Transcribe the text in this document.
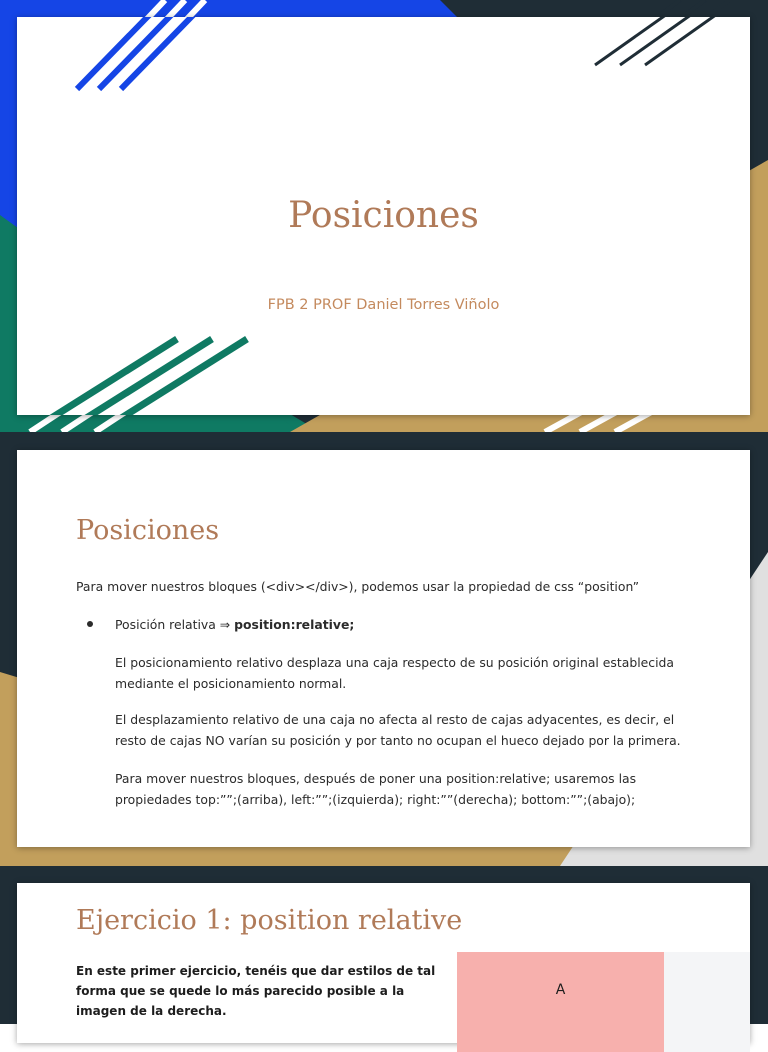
Posiciones
FPB 2 PROF Daniel Torres Viñolo
Posiciones
Para mover nuestros bloques (<div></div>), podemos usar la propiedad de css “position”
Posición relativa ⇒ position:relative;
El posicionamiento relativo desplaza una caja respecto de su posición original establecida mediante el posicionamiento normal.
El desplazamiento relativo de una caja no afecta al resto de cajas adyacentes, es decir, el resto de cajas NO varían su posición y por tanto no ocupan el hueco dejado por la primera.
Para mover nuestros bloques, después de poner una position:relative; usaremos las propiedades top:””;(arriba), left:””;(izquierda); right:””(derecha); bottom:””;(abajo);
Ejercicio 1: position relative
En este primer ejercicio, tenéis que dar estilos de tal forma que se quede lo más parecido posible a la imagen de la derecha.
A
